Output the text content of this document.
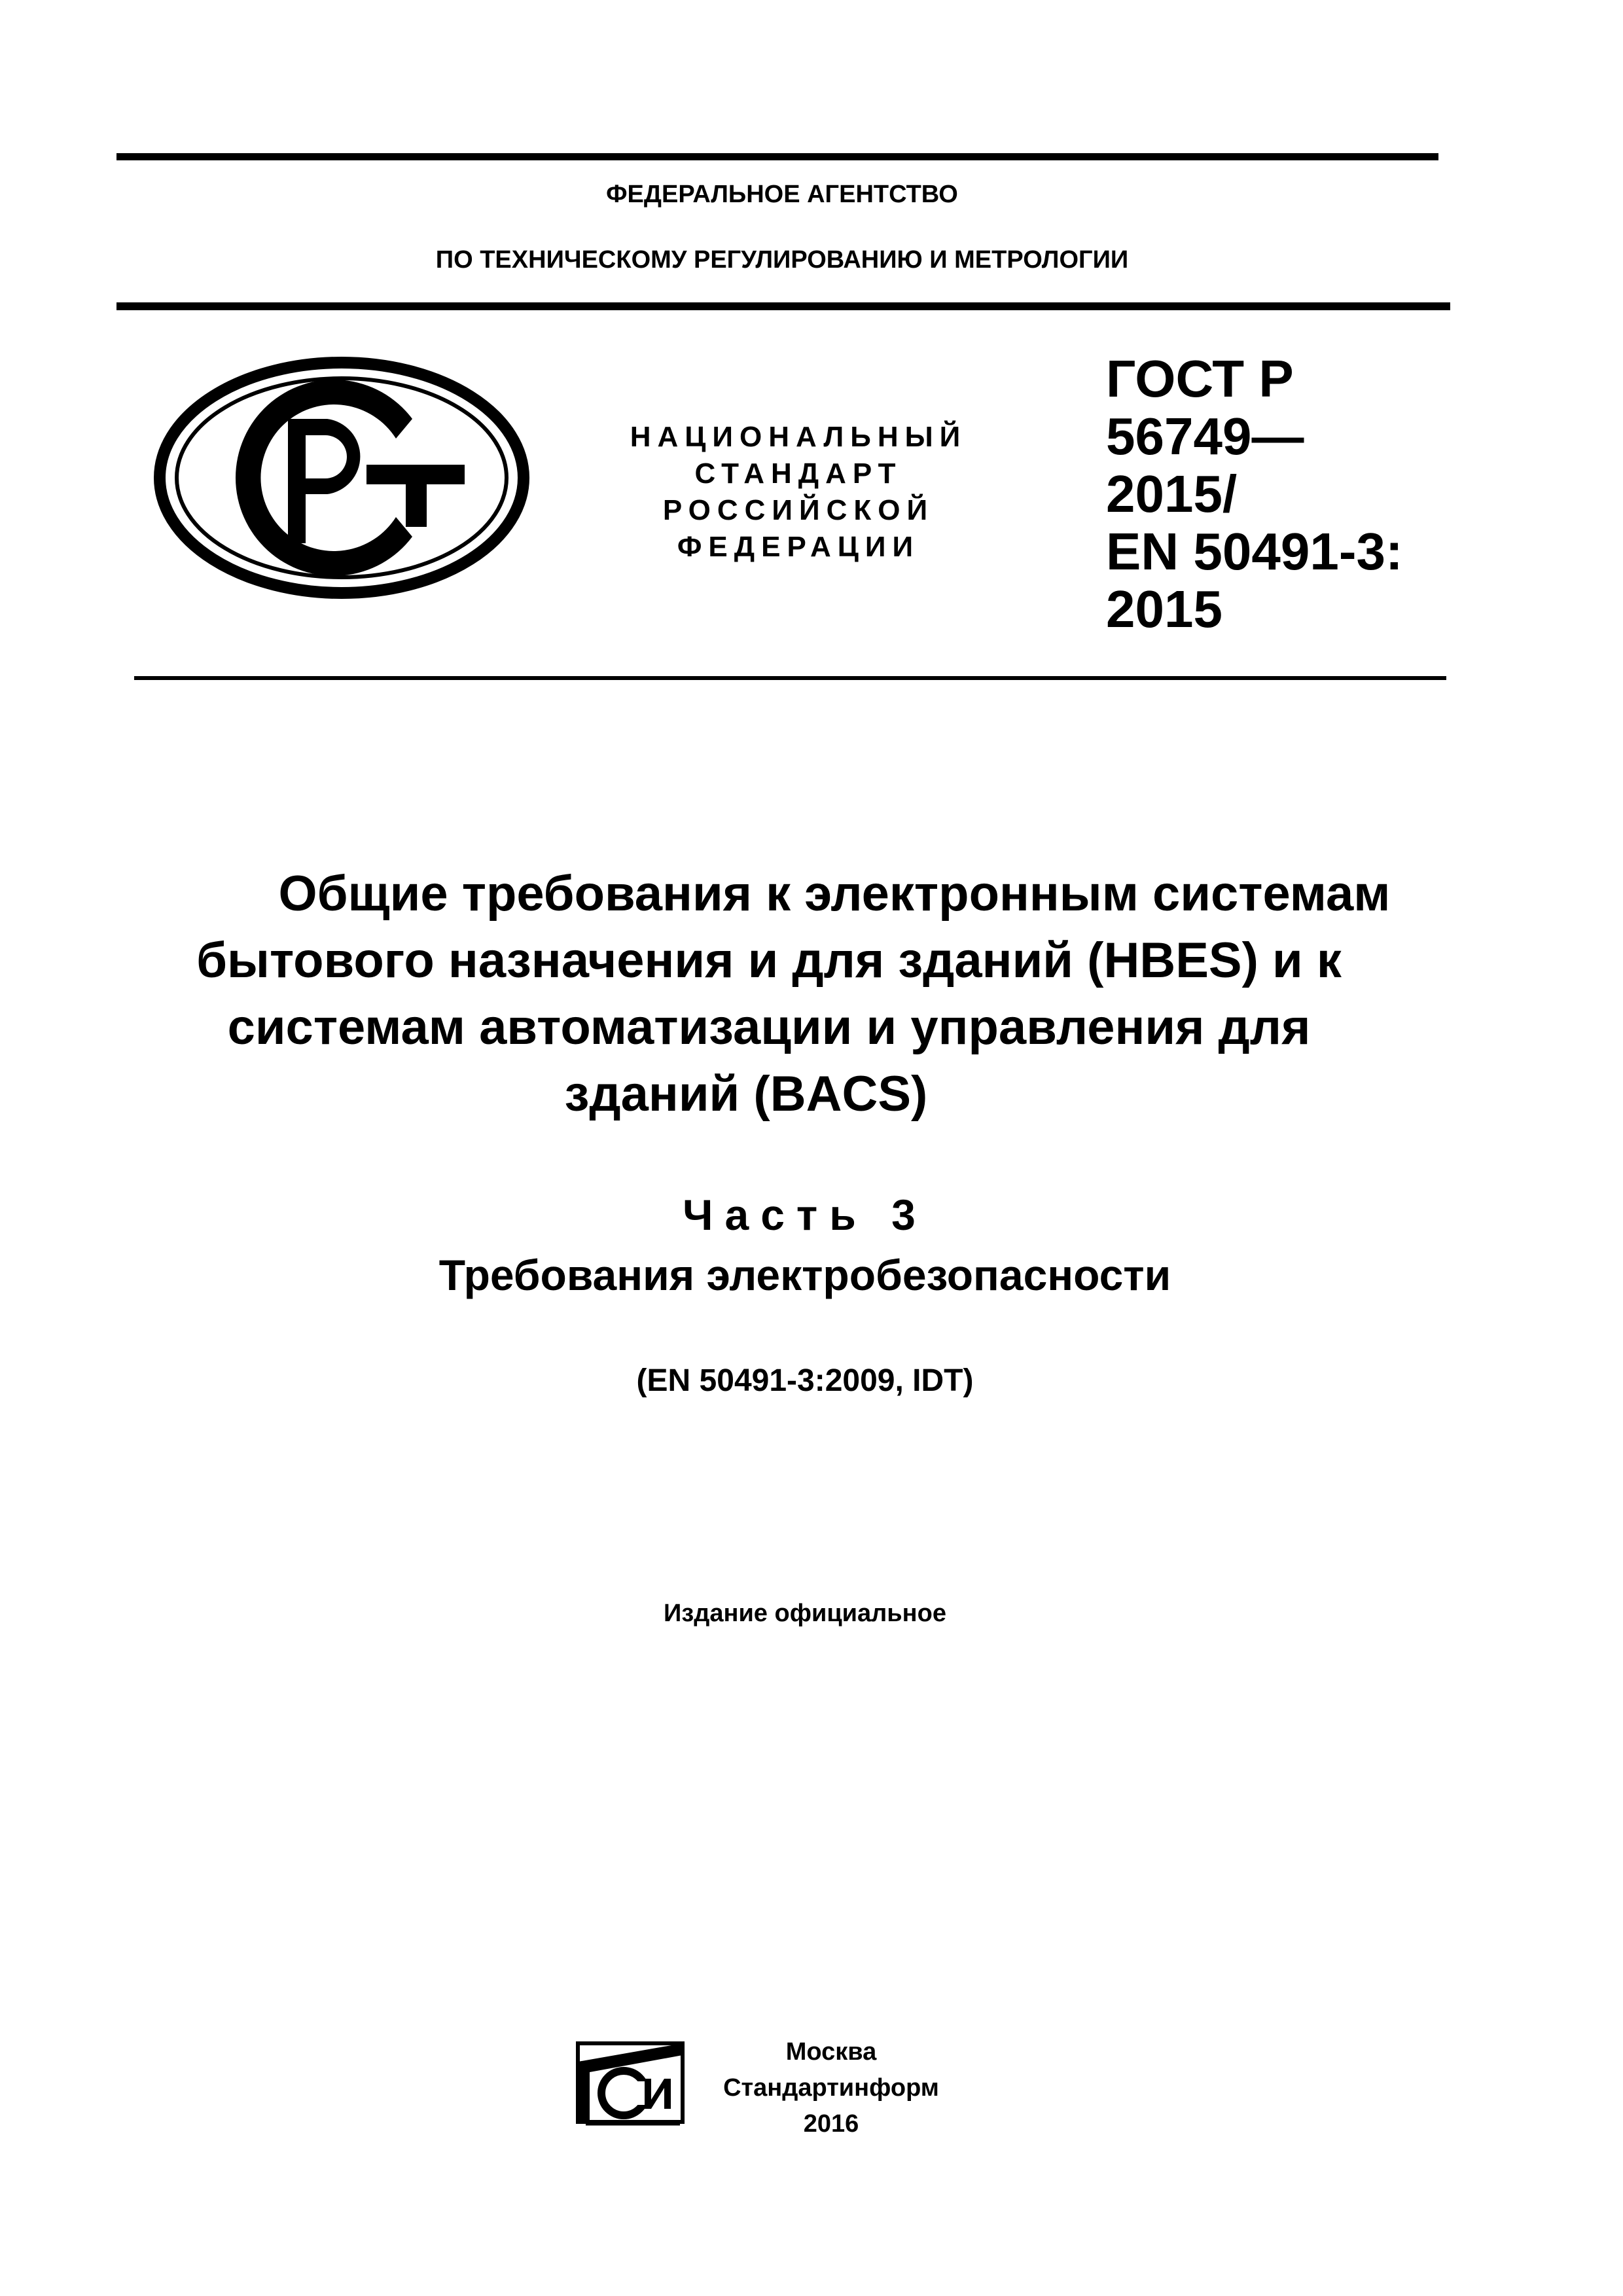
ФЕДЕРАЛЬНОЕ АГЕНТСТВО
ПО ТЕХНИЧЕСКОМУ РЕГУЛИРОВАНИЮ И МЕТРОЛОГИИ
НАЦИОНАЛЬНЫЙ
СТАНДАРТ
РОССИЙСКОЙ
ФЕДЕРАЦИИ
ГОСТ Р
56749—
2015/
EN 50491-3:
2015
Общие требования к электронным системам
бытового назначения и для зданий (HBES) и к
системам автоматизации и управления для
зданий (BACS)
Часть 3
Требования электробезопасности
(EN 50491-3:2009, IDT)
Издание официальное
Москва
Стандартинформ
2016
